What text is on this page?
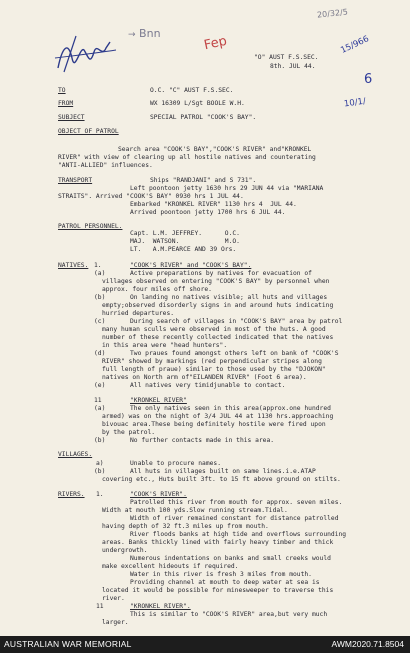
20/32/5
→ Bnn
Fep	15/966
6
10/1/
"O" AUST F.S.SEC.
8th. JUL 44.
TO	O.C. "C" AUST F.S.SEC.
FROM	WX 16309 L/Sgt BOOLE W.H.
SUBJECT	SPECIAL PATROL "COOK'S BAY".
OBJECT OF PATROL
Search area "COOK'S BAY","COOK'S RIVER" and"KRONKEL
RIVER" with view of clearing up all hostile natives and counterating
"ANTI-ALLIED" influences.
TRANSPORT	Ships "RANDJANI" and S 731".
Left poontoon jetty 1630 hrs 29 JUN 44 via "MARIANA
STRAITS". Arrived "COOK'S BAY" 0930 hrs 1 JUL 44.
Embarked "KRONKEL RIVER" 1130 hrs 4  JUL 44.
Arrived poontoon jetty 1700 hrs 6 JUL 44.
PATROL PERSONNEL.
Capt. L.M. JEFFREY.      O.C.
MAJ.  WATSON.            M.O.
LT.   A.M.PEARCE AND 39 Ors.
NATIVES. 1.	"COOK'S RIVER" and "COOK'S BAY".
(a)	Active preparations by natives for evacuation of
villages observed on entering "COOK'S BAY" by personnel when
approx. four miles off shore.
(b)	On landing no natives visible; all huts and villages
empty;observed disorderly signs in and around huts indicating
hurried departures.
(c)	During search of villages in "COOK'S BAY" area by patrol
many human sculls were observed in most of the huts. A good
number of these recently collected indicated that the natives
in this area were "head hunters".
(d)	Two praues found amongst others left on bank of "COOK'S
RIVER" showed by markings (red perpendicular stripes along
full length of praue) similar to those used by the "DJOKON"
natives on North arm of"EILANDEN RIVER" (Foot 6 area).
(e)	All natives very timidjunable to contact.
11	"KRONKEL RIVER"
(a)	The only natives seen in this area(approx.one hundred
armed) was on the night of 3/4 JUL 44 at 1130 hrs.approaching
bivouac area.These being definitely hostile were fired upon
by the patrol.
(b)	No further contacts made in this area.
VILLAGES.
a)	Unable to procure names.
(b)	All huts in villages built on same lines.i.e.ATAP
covering etc., Huts built 3ft. to 15 ft above ground on stilts.
RIVERS. 1.	"COOK'S RIVER".
Patrolled this river from mouth for approx. seven miles.
Width at mouth 100 yds.Slow running stream.Tidal.
Width of river remained constant for distance patrolled
having depth of 32 ft.3 miles up from mouth.
River floods banks at high tide and overflows surrounding
areas. Banks thickly lined with fairly heavy timber and thick
undergrowth.
Numerous indentations on banks and small creeks would
make excellent hideouts if required.
Water in this river is fresh 3 miles from mouth.
Providing channel at mouth to deep water at sea is
located it would be possible for minesweeper to traverse this
river.
11	"KRONKEL RIVER".
This is similar to "COOK'S RIVER" area,but very much
larger.
AUSTRALIAN WAR MEMORIAL	AWM2020.71.8504
